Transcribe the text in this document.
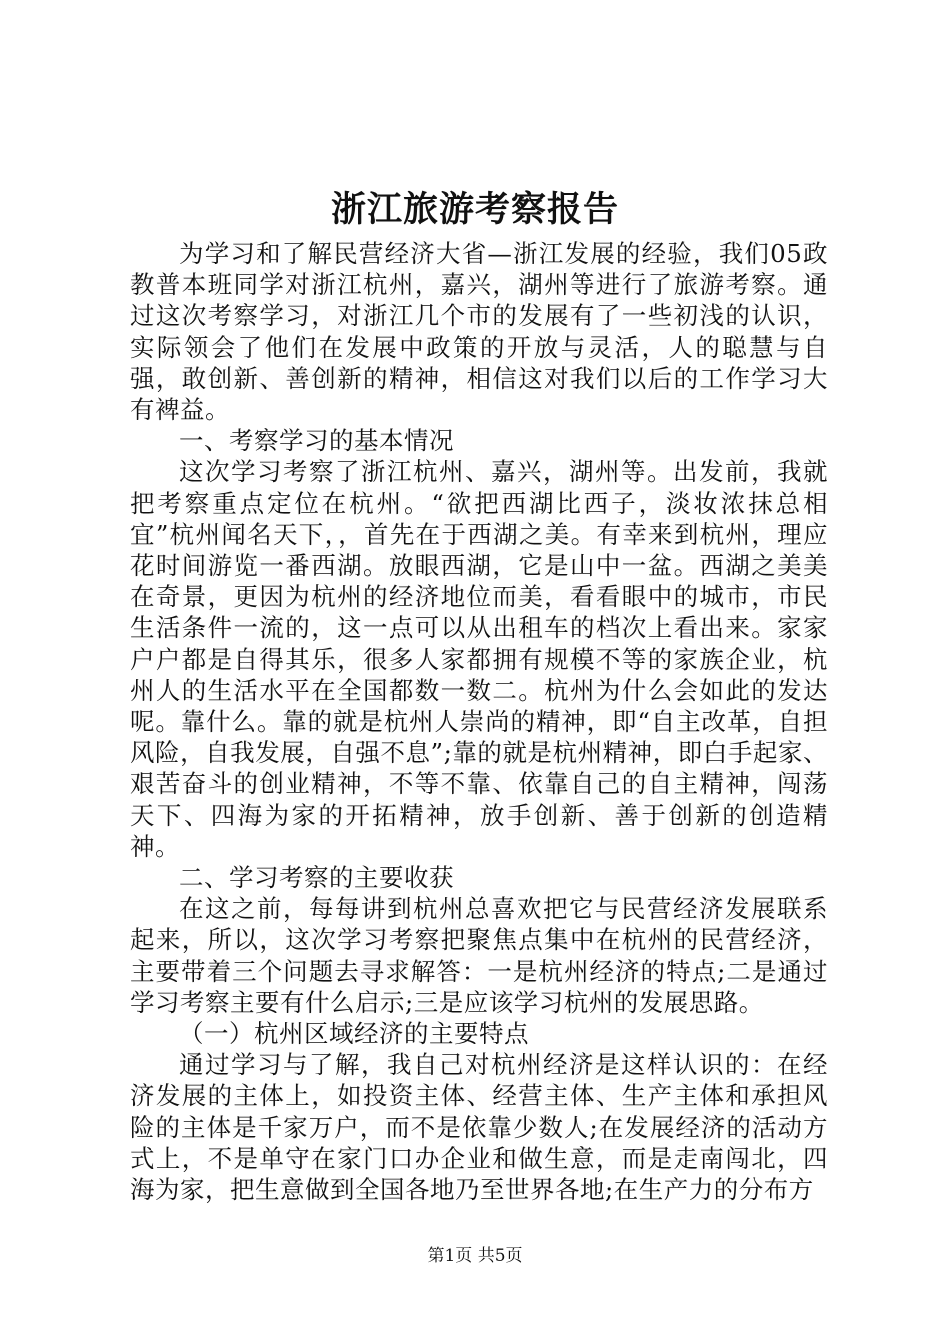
浙江旅游考察报告

为学习和了解民营经济大省—浙江发展的经验，我们05政教普本班同学对浙江杭州，嘉兴，湖州等进行了旅游考察。通过这次考察学习，对浙江几个市的发展有了一些初浅的认识，实际领会了他们在发展中政策的开放与灵活，人的聪慧与自强，敢创新、善创新的精神，相信这对我们以后的工作学习大有裨益。

一、考察学习的基本情况

这次学习考察了浙江杭州、嘉兴，湖州等。出发前，我就把考察重点定位在杭州。“欲把西湖比西子，淡妆浓抹总相宜”杭州闻名天下，，首先在于西湖之美。有幸来到杭州，理应花时间游览一番西湖。放眼西湖，它是山中一盆。西湖之美美在奇景，更因为杭州的经济地位而美，看看眼中的城市，市民生活条件一流的，这一点可以从出租车的档次上看出来。家家户户都是自得其乐，很多人家都拥有规模不等的家族企业，杭州人的生活水平在全国都数一数二。杭州为什么会如此的发达呢。靠什么。靠的就是杭州人崇尚的精神，即“自主改革，自担风险，自我发展，自强不息”;靠的就是杭州精神，即白手起家、艰苦奋斗的创业精神，不等不靠、依靠自己的自主精神，闯荡天下、四海为家的开拓精神，放手创新、善于创新的创造精神。

二、学习考察的主要收获

在这之前，每每讲到杭州总喜欢把它与民营经济发展联系起来，所以，这次学习考察把聚焦点集中在杭州的民营经济，主要带着三个问题去寻求解答：一是杭州经济的特点;二是通过学习考察主要有什么启示;三是应该学习杭州的发展思路。

（一）杭州区域经济的主要特点

通过学习与了解，我自己对杭州经济是这样认识的：在经济发展的主体上，如投资主体、经营主体、生产主体和承担风险的主体是千家万户，而不是依靠少数人;在发展经济的活动方式上，不是单守在家门口办企业和做生意，而是走南闯北，四海为家，把生意做到全国各地乃至世界各地;在生产力的分布方

第1页 共5页
